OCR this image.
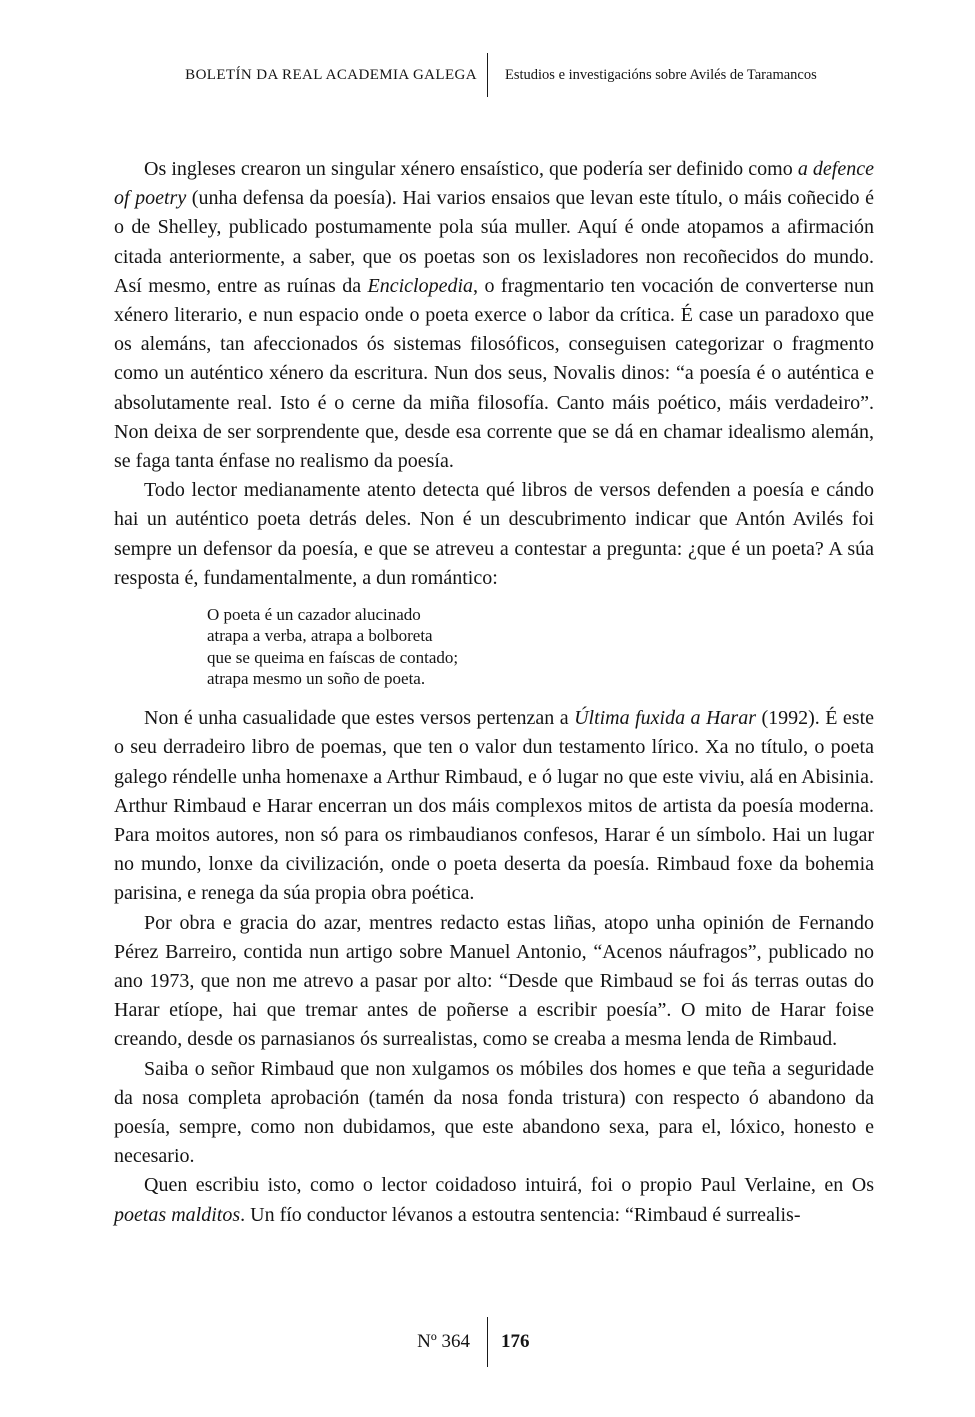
BOLETÍN DA REAL ACADEMIA GALEGA	Estudios e investigacións sobre Avilés de Taramancos

Os ingleses crearon un singular xénero ensaístico, que podería ser definido como a defence of poetry (unha defensa da poesía). Hai varios ensaios que levan este título, o máis coñecido é o de Shelley, publicado postumamente pola súa muller. Aquí é onde atopamos a afirmación citada anteriormente, a saber, que os poetas son os lexisladores non recoñecidos do mundo. Así mesmo, entre as ruínas da Enciclopedia, o fragmentario ten vocación de converterse nun xénero literario, e nun espacio onde o poeta exerce o labor da crítica. É case un paradoxo que os alemáns, tan afeccionados ós sistemas filosóficos, conseguisen categorizar o fragmento como un auténtico xénero da escritura. Nun dos seus, Novalis dinos: “a poesía é o auténtica e absolutamente real. Isto é o cerne da miña filosofía. Canto máis poético, máis verdadeiro”. Non deixa de ser sorprendente que, desde esa corrente que se dá en chamar idealismo alemán, se faga tanta énfase no realismo da poesía.

Todo lector medianamente atento detecta qué libros de versos defenden a poesía e cándo hai un auténtico poeta detrás deles. Non é un descubrimento indicar que Antón Avilés foi sempre un defensor da poesía, e que se atreveu a contestar a pregunta: ¿que é un poeta? A súa resposta é, fundamentalmente, a dun romántico:

O poeta é un cazador alucinado
atrapa a verba, atrapa a bolboreta
que se queima en faíscas de contado;
atrapa mesmo un soño de poeta.

Non é unha casualidade que estes versos pertenzan a Última fuxida a Harar (1992). É este o seu derradeiro libro de poemas, que ten o valor dun testamento lírico. Xa no título, o poeta galego réndelle unha homenaxe a Arthur Rimbaud, e ó lugar no que este viviu, alá en Abisinia. Arthur Rimbaud e Harar encerran un dos máis complexos mitos de artista da poesía moderna. Para moitos autores, non só para os rimbaudianos confesos, Harar é un símbolo. Hai un lugar no mundo, lonxe da civilización, onde o poeta deserta da poesía. Rimbaud foxe da bohemia parisina, e renega da súa propia obra poética.

Por obra e gracia do azar, mentres redacto estas liñas, atopo unha opinión de Fernando Pérez Barreiro, contida nun artigo sobre Manuel Antonio, “Acenos náufragos”, publicado no ano 1973, que non me atrevo a pasar por alto: “Desde que Rimbaud se foi ás terras outas do Harar etíope, hai que tremar antes de poñerse a escribir poesía”. O mito de Harar foise creando, desde os parnasianos ós surrealistas, como se creaba a mesma lenda de Rimbaud.

Saiba o señor Rimbaud que non xulgamos os móbiles dos homes e que teña a seguridade da nosa completa aprobación (tamén da nosa fonda tristura) con respecto ó abandono da poesía, sempre, como non dubidamos, que este abandono sexa, para el, lóxico, honesto e necesario.

Quen escribiu isto, como o lector coidadoso intuirá, foi o propio Paul Verlaine, en Os poetas malditos. Un fío conductor lévanos a estoutra sentencia: “Rimbaud é surrealis-

Nº 364	176
